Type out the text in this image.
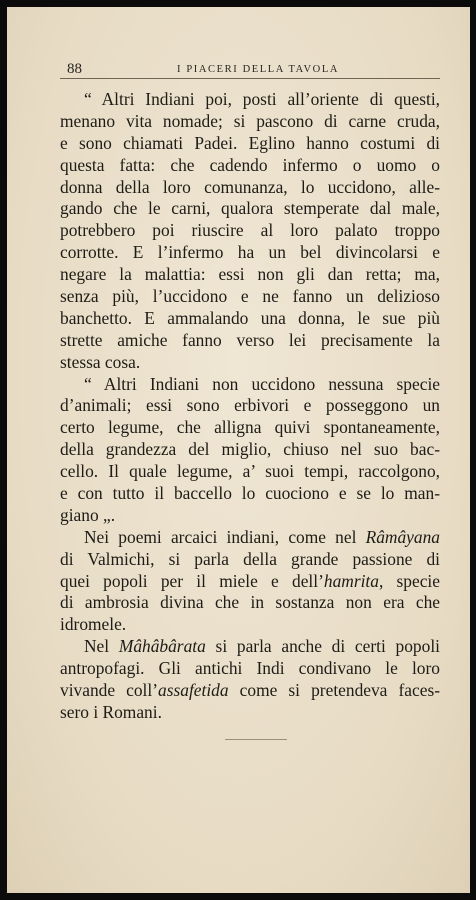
88	I PIACERI DELLA TAVOLA
“ Altri Indiani poi, posti all’oriente di questi,
menano vita nomade; si pascono di carne cruda,
e sono chiamati Padei. Eglino hanno costumi di
questa fatta: che cadendo infermo o uomo o
donna della loro comunanza, lo uccidono, alle-
gando che le carni, qualora stemperate dal male,
potrebbero poi riuscire al loro palato troppo
corrotte. E l’infermo ha un bel divincolarsi e
negare la malattia: essi non gli dan retta; ma,
senza più, l’uccidono e ne fanno un delizioso
banchetto. E ammalando una donna, le sue più
strette amiche fanno verso lei precisamente la
stessa cosa.
“ Altri Indiani non uccidono nessuna specie
d’animali; essi sono erbivori e posseggono un
certo legume, che alligna quivi spontaneamente,
della grandezza del miglio, chiuso nel suo bac-
cello. Il quale legume, a’ suoi tempi, raccolgono,
e con tutto il baccello lo cuociono e se lo man-
giano „.
Nei poemi arcaici indiani, come nel Râmâyana
di Valmichi, si parla della grande passione di
quei popoli per il miele e dell’hamrita, specie
di ambrosia divina che in sostanza non era che
idromele.
Nel Mâhâbârata si parla anche di certi popoli
antropofagi. Gli antichi Indi condivano le loro
vivande coll’assafetida come si pretendeva faces-
sero i Romani.
